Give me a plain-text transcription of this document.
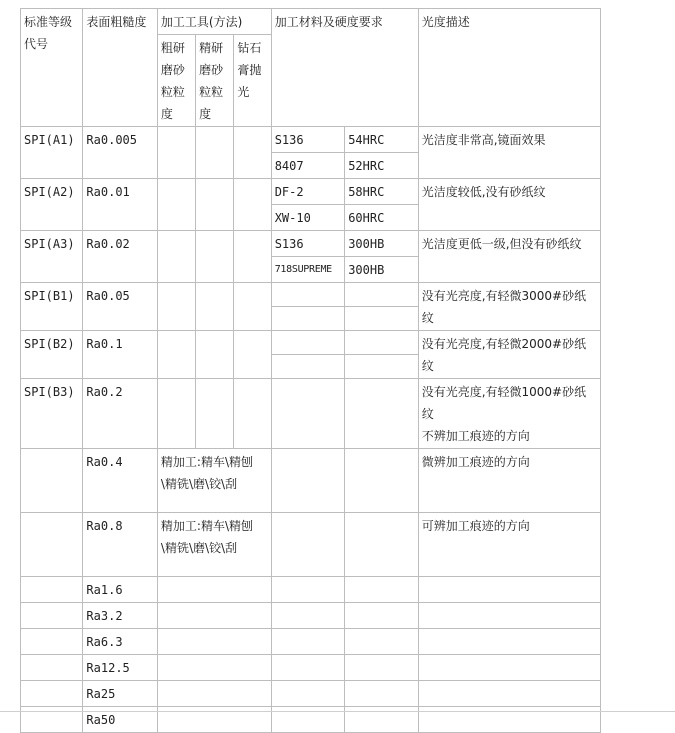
标准等级代号	表面粗糙度	加工工具(方法)			加工材料及硬度要求		光度描述
		粗研磨砂粒粒度	精研磨砂粒粒度	钻石膏抛光			
SPI(A1)	Ra0.005				S136	54HRC	光洁度非常高,镜面效果
					8407	52HRC	
SPI(A2)	Ra0.01				DF-2	58HRC	光洁度较低,没有砂纸纹
					XW-10	60HRC	
SPI(A3)	Ra0.02				S136	300HB	光洁度更低一级,但没有砂纸纹
					718SUPREME	300HB	
SPI(B1)	Ra0.05						没有光亮度,有轻微3000#砂纸纹

SPI(B2)	Ra0.1						没有光亮度,有轻微2000#砂纸纹

SPI(B3)	Ra0.2						没有光亮度,有轻微1000#砂纸纹
不辨加工痕迹的方向
	Ra0.4	精加工:精车\精刨\精铣\磨\铰\刮					微辨加工痕迹的方向
	Ra0.8	精加工:精车\精刨\精铣\磨\铰\刮					可辨加工痕迹的方向
	Ra1.6						
	Ra3.2						
	Ra6.3						
	Ra12.5						
	Ra25						
	Ra50						
